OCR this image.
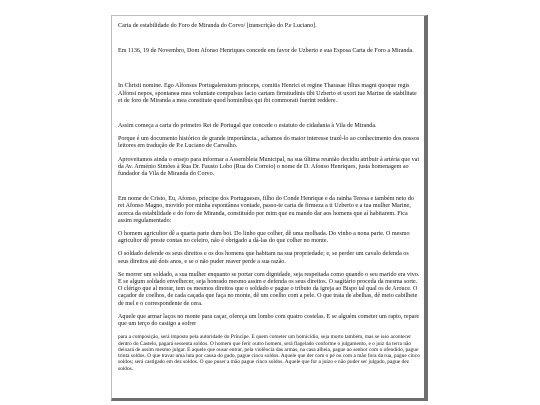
Carta de estabilidade do Foro de Miranda do Corvo/ [transcrição do P.e Luciano].

Em 1136, 19 de Novembro, Dom Afonso Henriques concede em favor de Uzberto e sua Esposa Carta de Foro a Miranda.

In Christi nomine. Ego Alfonsus Portugalensium princeps, comitis Henrici et regine Tharasae filius magni quoque regis Alfonsi nepos, spontanea mea voluntate compulsus facio cartam firmitudinis tibi Uzberto et uxori tue Marine de stabilitate et de foro de Miranda a mea constitute quod hominibus qui ibi commorati fuerint reddere.

Assim começa a carta do primeiro Rei de Portugal que concede o estatuto de cidadania à Vila de Miranda.

Porque é um documento histórico de grande importância., achamos do maior interesse trazê-lo ao conhecimento dos nossos leitores em tradução de P.e Luciano de Carvalho.

Aproveitamos ainda o ensejo para informar a Assembleia Municipal, na sua última reunião decidiu atribuir à artéria que vai da Av. Arménio Simões à Rua Dr. Fausto Lobo (Rua do Correio) o nome de D. Afonso Henriques, justa homenagem ao fundador da Vila de Miranda do Corvo.

Em nome de Cristo, Eu, Afonso, príncipe dos Portugueses, filho do Conde Henrique e da rainha Teresa e também neto do rei Afonso Magno, movido por minha espontânea vontade, passo-te carta de firmeza a ti Uzberto e a tua mulher Marine, acerca da estabilidade e do foro de Miranda, constituído por mim que eu mando dar aos homens que aí habitarem. Fica assim regulamentado:

O homem agricultor dê a quarta parte dum boi. Do linho que colher, dê uma molhada. Do vinho a nona parte. O mesmo agricultor dê preste contas no celeiro, não é obrigado a dá-las do que colher no monte.

O soldado defende os seus direitos e os dos homens que habitam na sua propriedade; e, se perder um cavalo defenda os seus direitos até dois anos, e se o não puder reaver perde a sua razão.

Se morrer um soldado, a sua mulher enquanto se portar com dignidade, seja respeitada como quando o seu marido era vivo. E se algum soldado envelhecer, seja honrado mesmo assim e defenda os seus direitos. O sagitário proceda da mesma sorte. O clérigo que al morar, tem os mesmos direitos que o soldado e pague o tributo da igreja ao Bispo tal qual os de Arouce. O caçador de coelhos, de cada caçada que faça no monte, dê um coelho com a pele. O que trata de abelhas, dê meio cabilhete de mel e o correspondente de cera.

Aquele que armar laços no monte para caçar, ofereça um lombo com quatro costelas. E se alguém cometer um rapto, repare que um terço do castigo a sofrer

para a composição, será imposto pela autoridade do Príncipe. E quem cometer um homicídio, seja morto também, mas se isso acontecer dentro do Castelo, pagará sessenta soldos. O homem que ferir outro homem, será flagelado conforme o julgamento, e o juiz da terra não deixará de assim mesmo julgar. E aquele que ousar entrar, pela violência das armas, na casa alheia, pague ao senhor com o ofendido, pague trinta soldos. O que travar uma luta por causa do gado, pague cinco soldos. Aquele que der com o pé ou com a mão fora da rua, pague cinco soldos; será castigado em dez soldos. O que puser a mão pague cinco soldos. Aquele que for a juízo e não puder ser julgado, pague dez soldos.
